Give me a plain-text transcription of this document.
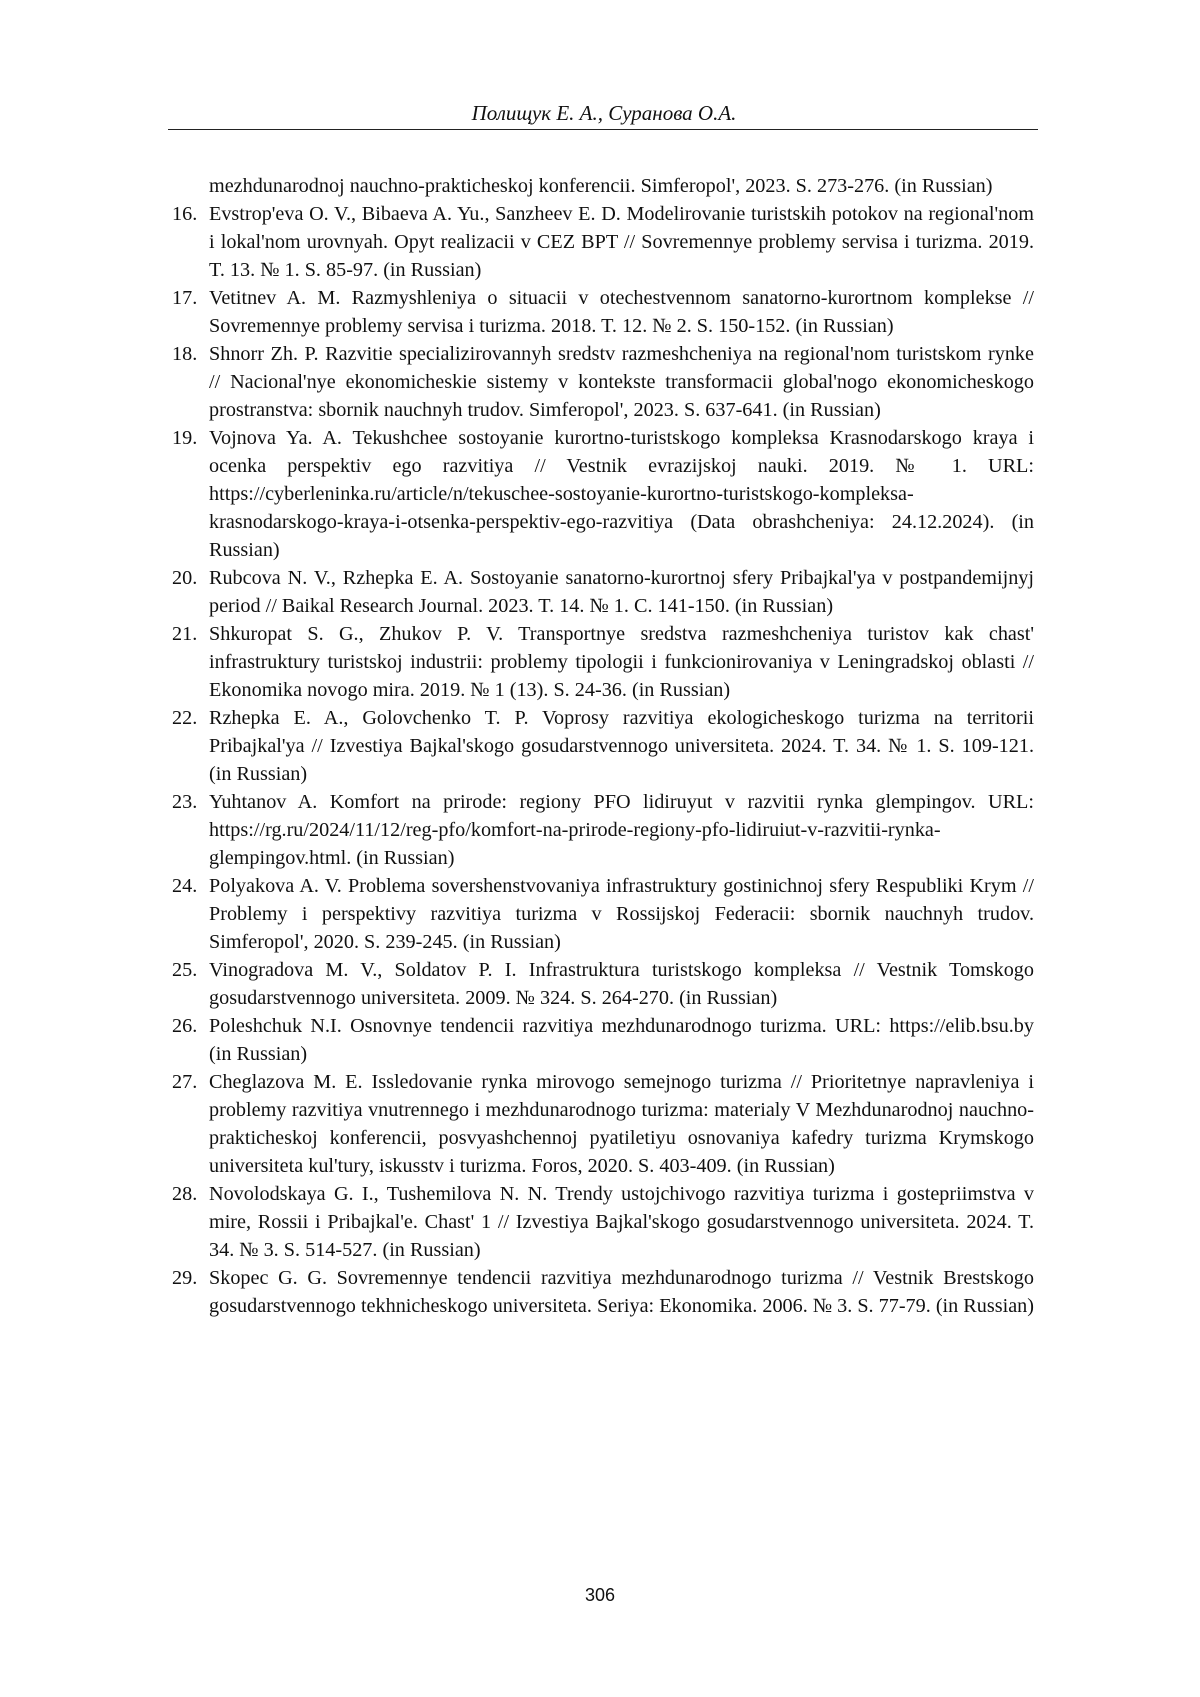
Полищук Е. А., Суранова О.А.
mezhdunarodnoj nauchno-prakticheskoj konferencii. Simferopol', 2023. S. 273-276. (in Russian)
16. Evstrop'eva O. V., Bibaeva A. Yu., Sanzheev E. D. Modelirovanie turistskih potokov na regional'nom i lokal'nom urovnyah. Opyt realizacii v CEZ BPT // Sovremennye problemy servisa i turizma. 2019. T. 13. № 1. S. 85-97. (in Russian)
17. Vetitnev A. M. Razmyshleniya o situacii v otechestvennom sanatorno-kurortnom komplekse // Sovremennye problemy servisa i turizma. 2018. T. 12. № 2. S. 150-152. (in Russian)
18. Shnorr Zh. P. Razvitie specializirovannyh sredstv razmeshcheniya na regional'nom turistskom rynke // Nacional'nye ekonomicheskie sistemy v kontekste transformacii global'nogo ekonomicheskogo prostranstva: sbornik nauchnyh trudov. Simferopol', 2023. S. 637-641. (in Russian)
19. Vojnova Ya. A. Tekushchee sostoyanie kurortno-turistskogo kompleksa Krasnodarskogo kraya i ocenka perspektiv ego razvitiya // Vestnik evrazijskoj nauki. 2019. № 1. URL: https://cyberleninka.ru/article/n/tekuschee-sostoyanie-kurortno-turistskogo-kompleksa-krasnodarskogo-kraya-i-otsenka-perspektiv-ego-razvitiya (Data obrashcheniya: 24.12.2024). (in Russian)
20. Rubcova N. V., Rzhepka E. A. Sostoyanie sanatorno-kurortnoj sfery Pribajkal'ya v postpandemijnyj period // Baikal Research Journal. 2023. T. 14. № 1. C. 141-150. (in Russian)
21. Shkuropat S. G., Zhukov P. V. Transportnye sredstva razmeshcheniya turistov kak chast' infrastruktury turistskoj industrii: problemy tipologii i funkcionirovaniya v Leningradskoj oblasti // Ekonomika novogo mira. 2019. № 1 (13). S. 24-36. (in Russian)
22. Rzhepka E. A., Golovchenko T. P. Voprosy razvitiya ekologicheskogo turizma na territorii Pribajkal'ya // Izvestiya Bajkal'skogo gosudarstvennogo universiteta. 2024. T. 34. № 1. S. 109-121. (in Russian)
23. Yuhtanov A. Komfort na prirode: regiony PFO lidiruyut v razvitii rynka glempingov. URL: https://rg.ru/2024/11/12/reg-pfo/komfort-na-prirode-regiony-pfo-lidiruiut-v-razvitii-rynka-glempingov.html. (in Russian)
24. Polyakova A. V. Problema sovershenstvovaniya infrastruktury gostinichnoj sfery Respubliki Krym // Problemy i perspektivy razvitiya turizma v Rossijskoj Federacii: sbornik nauchnyh trudov. Simferopol', 2020. S. 239-245. (in Russian)
25. Vinogradova M. V., Soldatov P. I. Infrastruktura turistskogo kompleksa // Vestnik Tomskogo gosudarstvennogo universiteta. 2009. № 324. S. 264-270. (in Russian)
26. Poleshchuk N.I. Osnovnye tendencii razvitiya mezhdunarodnogo turizma. URL: https://elib.bsu.by (in Russian)
27. Cheglazova M. E. Issledovanie rynka mirovogo semejnogo turizma // Prioritetnye napravleniya i problemy razvitiya vnutrennego i mezhdunarodnogo turizma: materialy V Mezhdunarodnoj nauchno-prakticheskoj konferencii, posvyashchennoj pyatiletiyu osnovaniya kafedry turizma Krymskogo universiteta kul'tury, iskusstv i turizma. Foros, 2020. S. 403-409. (in Russian)
28. Novolodskaya G. I., Tushemilova N. N. Trendy ustojchivogo razvitiya turizma i gostepriimstva v mire, Rossii i Pribajkal'e. Chast' 1 // Izvestiya Bajkal'skogo gosudarstvennogo universiteta. 2024. T. 34. № 3. S. 514-527. (in Russian)
29. Skopec G. G. Sovremennye tendencii razvitiya mezhdunarodnogo turizma // Vestnik Brestskogo gosudarstvennogo tekhnicheskogo universiteta. Seriya: Ekonomika. 2006. № 3. S. 77-79. (in Russian)
306
